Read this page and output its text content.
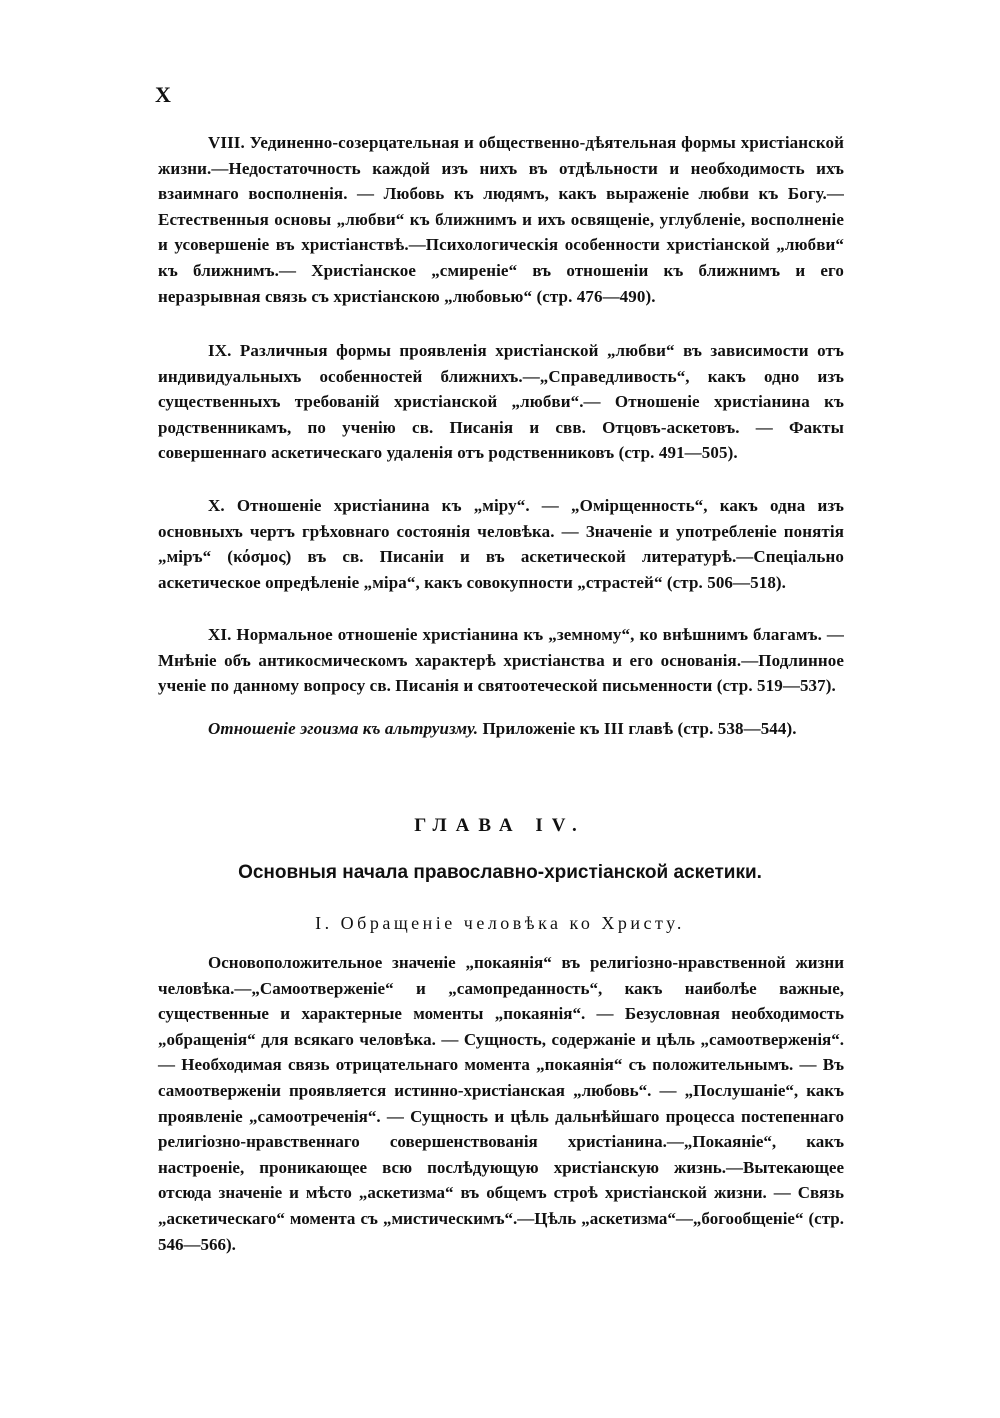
X

VIII. Уединенно-созерцательная и общественно-дѣятельная формы христіанской жизни.—Недостаточность каждой изъ нихъ въ отдѣльности и необходимость ихъ взаимнаго восполненія. — Любовь къ людямъ, какъ выраженіе любви къ Богу.—Естественныя основы „любви“ къ ближнимъ и ихъ освященіе, углубленіе, восполненіе и усовершеніе въ христіанствѣ.—Психологическія особенности христіанской „любви“ къ ближнимъ.— Христіанское „смиреніе“ въ отношеніи къ ближнимъ и его неразрывная связь съ христіанскою „любовью“ (стр. 476—490).

IX. Различныя формы проявленія христіанской „любви“ въ зависимости отъ индивидуальныхъ особенностей ближнихъ.—„Справедливость“, какъ одно изъ существенныхъ требованій христіанской „любви“.— Отношеніе христіанина къ родственникамъ, по ученію св. Писанія и свв. Отцовъ-аскетовъ. — Факты совершеннаго аскетическаго удаленія отъ родственниковъ (стр. 491—505).

X. Отношеніе христіанина къ „міру“. — „Омірщенность“, какъ одна изъ основныхъ чертъ грѣховнаго состоянія человѣка. — Значеніе и употребленіе понятія „міръ“ (κόσμος) въ св. Писаніи и въ аскетической литературѣ.—Спеціально аскетическое опредѣленіе „міра“, какъ совокупности „страстей“ (стр. 506—518).

XI. Нормальное отношеніе христіанина къ „земному“, ко внѣшнимъ благамъ. — Мнѣніе объ антикосмическомъ характерѣ христіанства и его основанія.—Подлинное ученіе по данному вопросу св. Писанія и святоотеческой письменности (стр. 519—537).

Отношеніе эгоизма къ альтруизму. Приложеніе къ III главѣ (стр. 538—544).

ГЛАВА IV.
Основныя начала православно-христіанской аскетики.
I. Обращеніе человѣка ко Христу.

Основоположительное значеніе „покаянія“ въ религіозно-нравственной жизни человѣка.—„Самоотверженіе“ и „самопреданность“, какъ наиболѣе важные, существенные и характерные моменты „покаянія“. — Безусловная необходимость „обращенія“ для всякаго человѣка. — Сущность, содержаніе и цѣль „самоотверженія“. — Необходимая связь отрицательнаго момента „покаянія“ съ положительнымъ. — Въ самоотверженіи проявляется истинно-христіанская „любовь“. — „Послушаніе“, какъ проявленіе „самоотреченія“. — Сущность и цѣль дальнѣйшаго процесса постепеннаго религіозно-нравственнаго совершенствованія христіанина.—„Покаяніе“, какъ настроеніе, проникающее всю послѣдующую христіанскую жизнь.—Вытекающее отсюда значеніе и мѣсто „аскетизма“ въ общемъ строѣ христіанской жизни. — Связь „аскетическаго“ момента съ „мистическимъ“.—Цѣль „аскетизма“—„богообщеніе“ (стр. 546—566).
